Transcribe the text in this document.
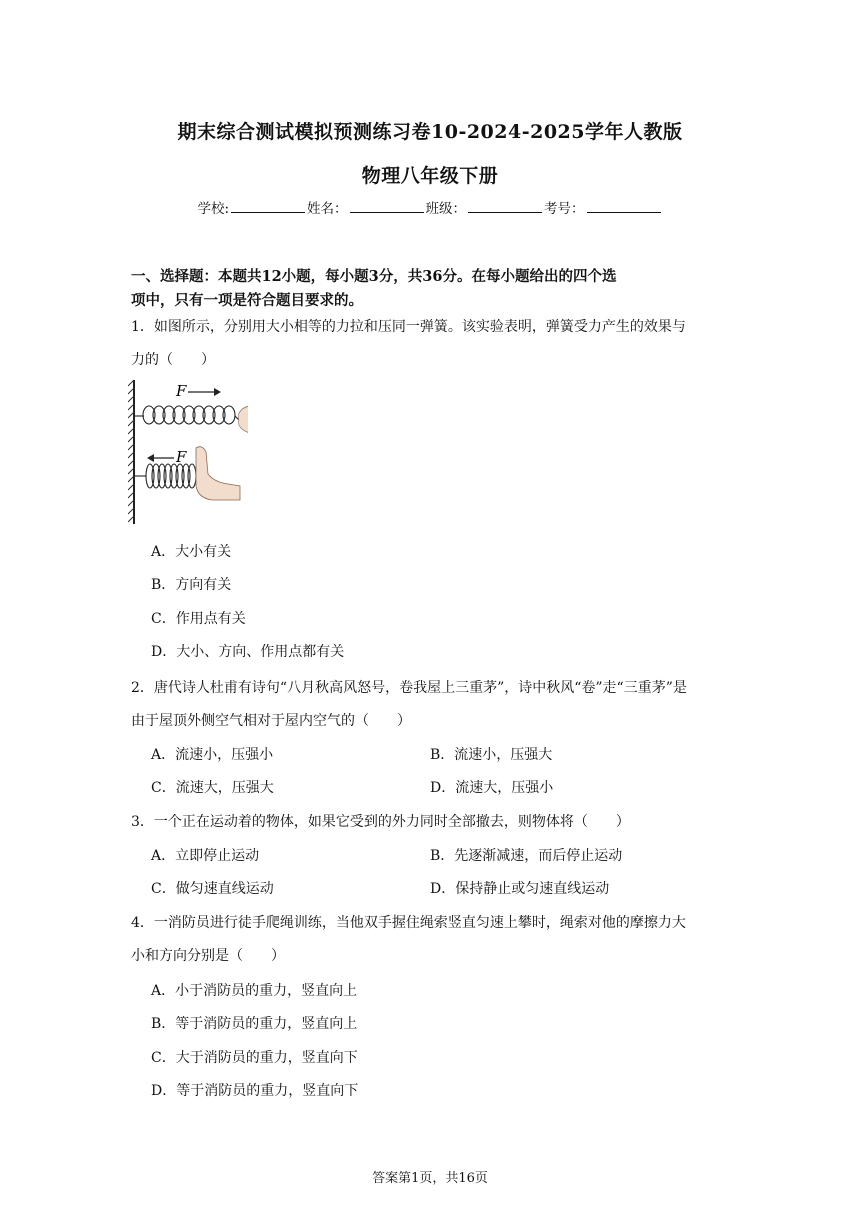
期末综合测试模拟预测练习卷10-2024-2025学年人教版
物理八年级下册
学校:	姓名：	班级：	考号：
一、选择题：本题共12小题，每小题3分，共36分。在每小题给出的四个选
项中，只有一项是符合题目要求的。
1．如图所示，分别用大小相等的力拉和压同一弹簧。该实验表明，弹簧受力产生的效果与
力的（　　）
F
F
A．大小有关
B．方向有关
C．作用点有关
D．大小、方向、作用点都有关
2．唐代诗人杜甫有诗句“八月秋高风怒号，卷我屋上三重茅”，诗中秋风“卷”走“三重茅”是
由于屋顶外侧空气相对于屋内空气的（　　）
A．流速小，压强小	B．流速小，压强大
C．流速大，压强大	D．流速大，压强小
3．一个正在运动着的物体，如果它受到的外力同时全部撤去，则物体将（　　）
A．立即停止运动	B．先逐渐减速，而后停止运动
C．做匀速直线运动	D．保持静止或匀速直线运动
4．一消防员进行徒手爬绳训练，当他双手握住绳索竖直匀速上攀时，绳索对他的摩擦力大
小和方向分别是（　　）
A．小于消防员的重力，竖直向上
B．等于消防员的重力，竖直向上
C．大于消防员的重力，竖直向下
D．等于消防员的重力，竖直向下
答案第1页，共16页
